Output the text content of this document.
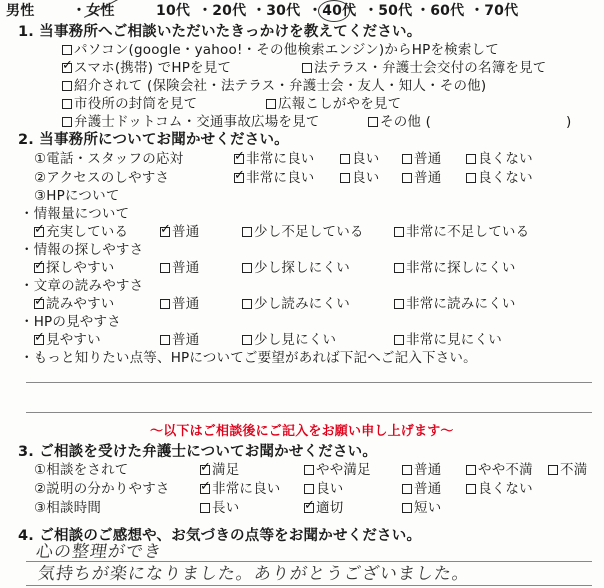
男性	・女性	10代 ・20代 ・30代 ・40代 ・50代 ・60代 ・70代
1. 当事務所へご相談いただいたきっかけを教えてください。
パソコン(google・yahoo!・その他検索エンジン)からHPを検索して
✓スマホ(携帯) でHPを見て	法テラス・弁護士会交付の名簿を見て
紹介されて (保険会社・法テラス・弁護士会・友人・知人・その他)
市役所の封筒を見て	広報こしがやを見て
弁護士ドットコム・交通事故広場を見て	その他 (	)
2. 当事務所についてお聞かせください。
①電話・スタッフの応対 ✓	非常に良い	良い	普通	良くない
②アクセスのしやすさ ✓	非常に良い	良い	普通	良くない
③HPについて
・情報量について
✓充実している ✓	普通	少し不足している	非常に不足している
・情報の探しやすさ
✓探しやすい	普通	少し探しにくい	非常に探しにくい
・文章の読みやすさ
✓読みやすい	普通	少し読みにくい	非常に読みにくい
・HPの見やすさ
✓見やすい	普通	少し見にくい	非常に見にくい
・もっと知りたい点等、HPについてご要望があれば下記へご記入下さい。
～以下はご相談後にご記入をお願い申し上げます～
3. ご相談を受けた弁護士についてお聞かせください。
①相談をされて ✓	満足	やや満足	普通	やや不満	不満
②説明の分かりやすさ ✓	非常に良い	良い	普通	良くない
③相談時間	長い ✓	適切	短い
4. ご相談のご感想や、お気づきの点等をお聞かせください。
心の整理ができ
気持ちが楽になりました。ありがとうございました。
